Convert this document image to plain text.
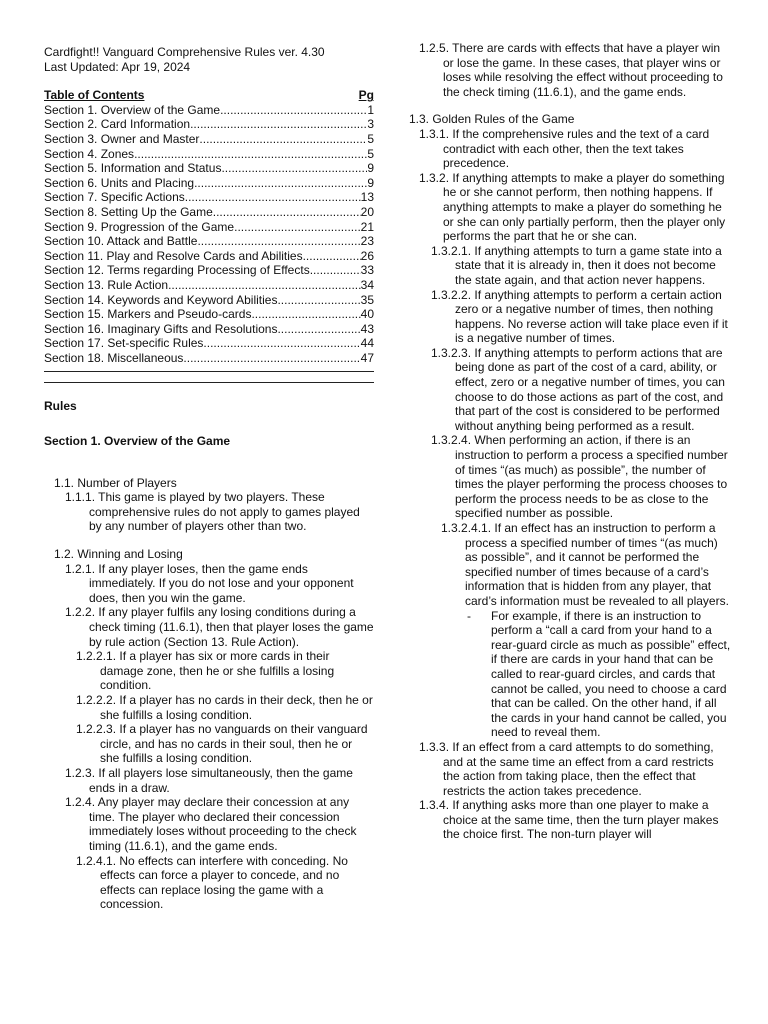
Cardfight!! Vanguard Comprehensive Rules ver. 4.30
Last Updated: Apr 19, 2024
Table of Contents	Pg
Section 1. Overview of the Game .....	1
Section 2. Card Information .....	3
Section 3. Owner and Master .....	5
Section 4. Zones .....	5
Section 5. Information and Status .....	9
Section 6. Units and Placing .....	9
Section 7. Specific Actions .....	13
Section 8. Setting Up the Game .....	20
Section 9. Progression of the Game .....	21
Section 10. Attack and Battle .....	23
Section 11. Play and Resolve Cards and Abilities .....	26
Section 12. Terms regarding Processing of Effects .....	33
Section 13. Rule Action .....	34
Section 14. Keywords and Keyword Abilities .....	35
Section 15. Markers and Pseudo-cards .....	40
Section 16. Imaginary Gifts and Resolutions .....	43
Section 17. Set-specific Rules .....	44
Section 18. Miscellaneous .....	47
Rules
Section 1. Overview of the Game
1.1. Number of Players
1.1.1. This game is played by two players. These comprehensive rules do not apply to games played by any number of players other than two.
1.2. Winning and Losing
1.2.1. If any player loses, then the game ends immediately. If you do not lose and your opponent does, then you win the game.
1.2.2. If any player fulfils any losing conditions during a check timing (11.6.1), then that player loses the game by rule action (Section 13. Rule Action).
1.2.2.1. If a player has six or more cards in their damage zone, then he or she fulfills a losing condition.
1.2.2.2. If a player has no cards in their deck, then he or she fulfills a losing condition.
1.2.2.3. If a player has no vanguards on their vanguard circle, and has no cards in their soul, then he or she fulfills a losing condition.
1.2.3. If all players lose simultaneously, then the game ends in a draw.
1.2.4. Any player may declare their concession at any time. The player who declared their concession immediately loses without proceeding to the check timing (11.6.1), and the game ends.
1.2.4.1. No effects can interfere with conceding. No effects can force a player to concede, and no effects can replace losing the game with a concession.
1.2.5. There are cards with effects that have a player win or lose the game. In these cases, that player wins or loses while resolving the effect without proceeding to the check timing (11.6.1), and the game ends.
1.3. Golden Rules of the Game
1.3.1. If the comprehensive rules and the text of a card contradict with each other, then the text takes precedence.
1.3.2. If anything attempts to make a player do something he or she cannot perform, then nothing happens. If anything attempts to make a player do something he or she can only partially perform, then the player only performs the part that he or she can.
1.3.2.1. If anything attempts to turn a game state into a state that it is already in, then it does not become the state again, and that action never happens.
1.3.2.2. If anything attempts to perform a certain action zero or a negative number of times, then nothing happens. No reverse action will take place even if it is a negative number of times.
1.3.2.3. If anything attempts to perform actions that are being done as part of the cost of a card, ability, or effect, zero or a negative number of times, you can choose to do those actions as part of the cost, and that part of the cost is considered to be performed without anything being performed as a result.
1.3.2.4. When performing an action, if there is an instruction to perform a process a specified number of times “(as much) as possible”, the number of times the player performing the process chooses to perform the process needs to be as close to the specified number as possible.
1.3.2.4.1. If an effect has an instruction to perform a process a specified number of times “(as much) as possible”, and it cannot be performed the specified number of times because of a card’s information that is hidden from any player, that card’s information must be revealed to all players.
- For example, if there is an instruction to perform a “call a card from your hand to a rear-guard circle as much as possible” effect, if there are cards in your hand that can be called to rear-guard circles, and cards that cannot be called, you need to choose a card that can be called. On the other hand, if all the cards in your hand cannot be called, you need to reveal them.
1.3.3. If an effect from a card attempts to do something, and at the same time an effect from a card restricts the action from taking place, then the effect that restricts the action takes precedence.
1.3.4. If anything asks more than one player to make a choice at the same time, then the turn player makes the choice first. The non-turn player will
